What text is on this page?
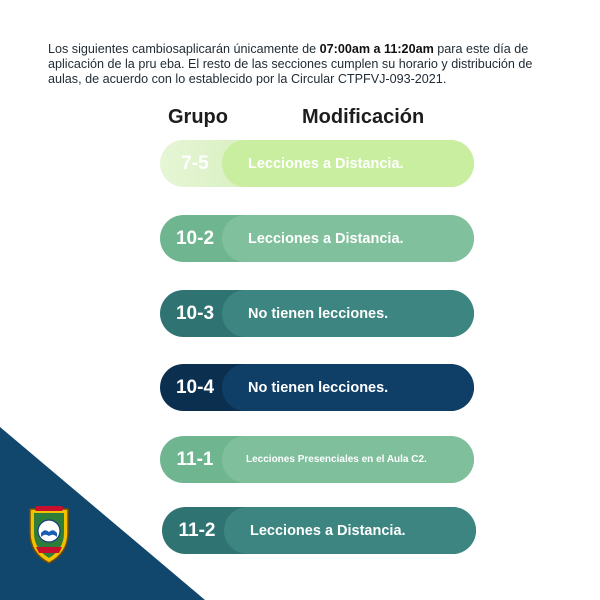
Los siguientes cambiosaplicarán únicamente de 07:00am a 11:20am para este día de aplicación de la pru eba. El resto de las secciones cumplen su horario y distribución de aulas, de acuerdo con lo establecido por la Circular CTPFVJ-093-2021.
Grupo	Modificación
7-5	Lecciones a Distancia.
10-2	Lecciones a Distancia.
10-3	No tienen lecciones.
10-4	No tienen lecciones.
11-1	Lecciones Presenciales en el Aula C2.
11-2	Lecciones a Distancia.
